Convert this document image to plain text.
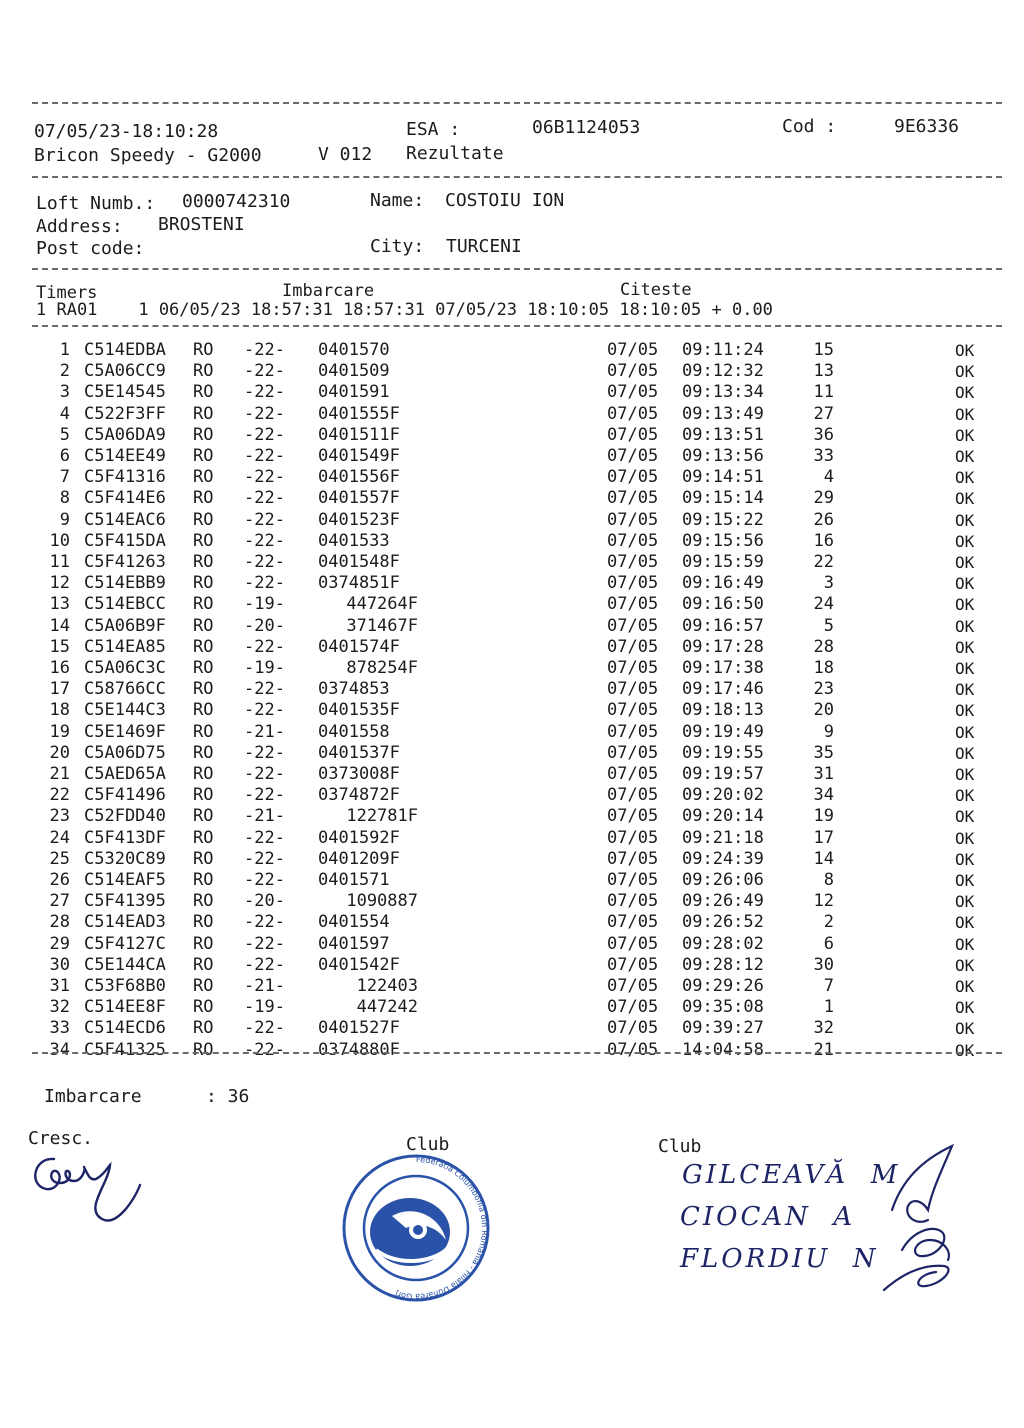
07/05/23-18:10:28	ESA :	06B1124053	Cod :	9E6336
Bricon Speedy - G2000	V 012 Rezultate
Loft Numb.: 0000742310	Name: COSTOIU ION
Address: BROSTENI
Post code:	City: TURCENI
Timers	Imbarcare	Citeste
1 RA01    1 06/05/23 18:57:31 18:57:31 07/05/23 18:10:05 18:10:05 + 0.00
1 C514EDBA RO -22- 0401570	07/05 09:11:24	15	OK
2 C5A06CC9 RO -22- 0401509	07/05 09:12:32	13	OK
3 C5E14545 RO -22- 0401591	07/05 09:13:34	11	OK
4 C522F3FF RO -22- 0401555F	07/05 09:13:49	27	OK
5 C5A06DA9 RO -22- 0401511F	07/05 09:13:51	36	OK
6 C514EE49 RO -22- 0401549F	07/05 09:13:56	33	OK
7 C5F41316 RO -22- 0401556F	07/05 09:14:51	4	OK
8 C5F414E6 RO -22- 0401557F	07/05 09:15:14	29	OK
9 C514EAC6 RO -22- 0401523F	07/05 09:15:22	26	OK
10 C5F415DA RO -22- 0401533	07/05 09:15:56	16	OK
11 C5F41263 RO -22- 0401548F	07/05 09:15:59	22	OK
12 C514EBB9 RO -22- 0374851F	07/05 09:16:49	3	OK
13 C514EBCC RO -19-	447264F	07/05 09:16:50	24	OK
14 C5A06B9F RO -20-	371467F	07/05 09:16:57	5	OK
15 C514EA85 RO -22- 0401574F	07/05 09:17:28	28	OK
16 C5A06C3C RO -19-	878254F	07/05 09:17:38	18	OK
17 C58766CC RO -22- 0374853	07/05 09:17:46	23	OK
18 C5E144C3 RO -22- 0401535F	07/05 09:18:13	20	OK
19 C5E1469F RO -21- 0401558	07/05 09:19:49	9	OK
20 C5A06D75 RO -22- 0401537F	07/05 09:19:55	35	OK
21 C5AED65A RO -22- 0373008F	07/05 09:19:57	31	OK
22 C5F41496 RO -22- 0374872F	07/05 09:20:02	34	OK
23 C52FDD40 RO -21-	122781F	07/05 09:20:14	19	OK
24 C5F413DF RO -22- 0401592F	07/05 09:21:18	17	OK
25 C5320C89 RO -22- 0401209F	07/05 09:24:39	14	OK
26 C514EAF5 RO -22- 0401571	07/05 09:26:06	8	OK
27 C5F41395 RO -20-	1090887	07/05 09:26:49	12	OK
28 C514EAD3 RO -22- 0401554	07/05 09:26:52	2	OK
29 C5F4127C RO -22- 0401597	07/05 09:28:02	6	OK
30 C5E144CA RO -22- 0401542F	07/05 09:28:12	30	OK
31 C53F68B0 RO -21-	122403	07/05 09:29:26	7	OK
32 C514EE8F RO -19-	447242	07/05 09:35:08	1	OK
33 C514ECD6 RO -22- 0401527F	07/05 09:39:27	32	OK
34 C5F41325 RO -22- 0374880F	07/05 14:04:58	21	OK
Imbarcare	: 36
Cresc.	Club	Club
Federatia Columbofila din Romania - Filiala Dunarea Gorj
GILCEAVĂ  M
CIOCAN  A
FLORDIU  N
